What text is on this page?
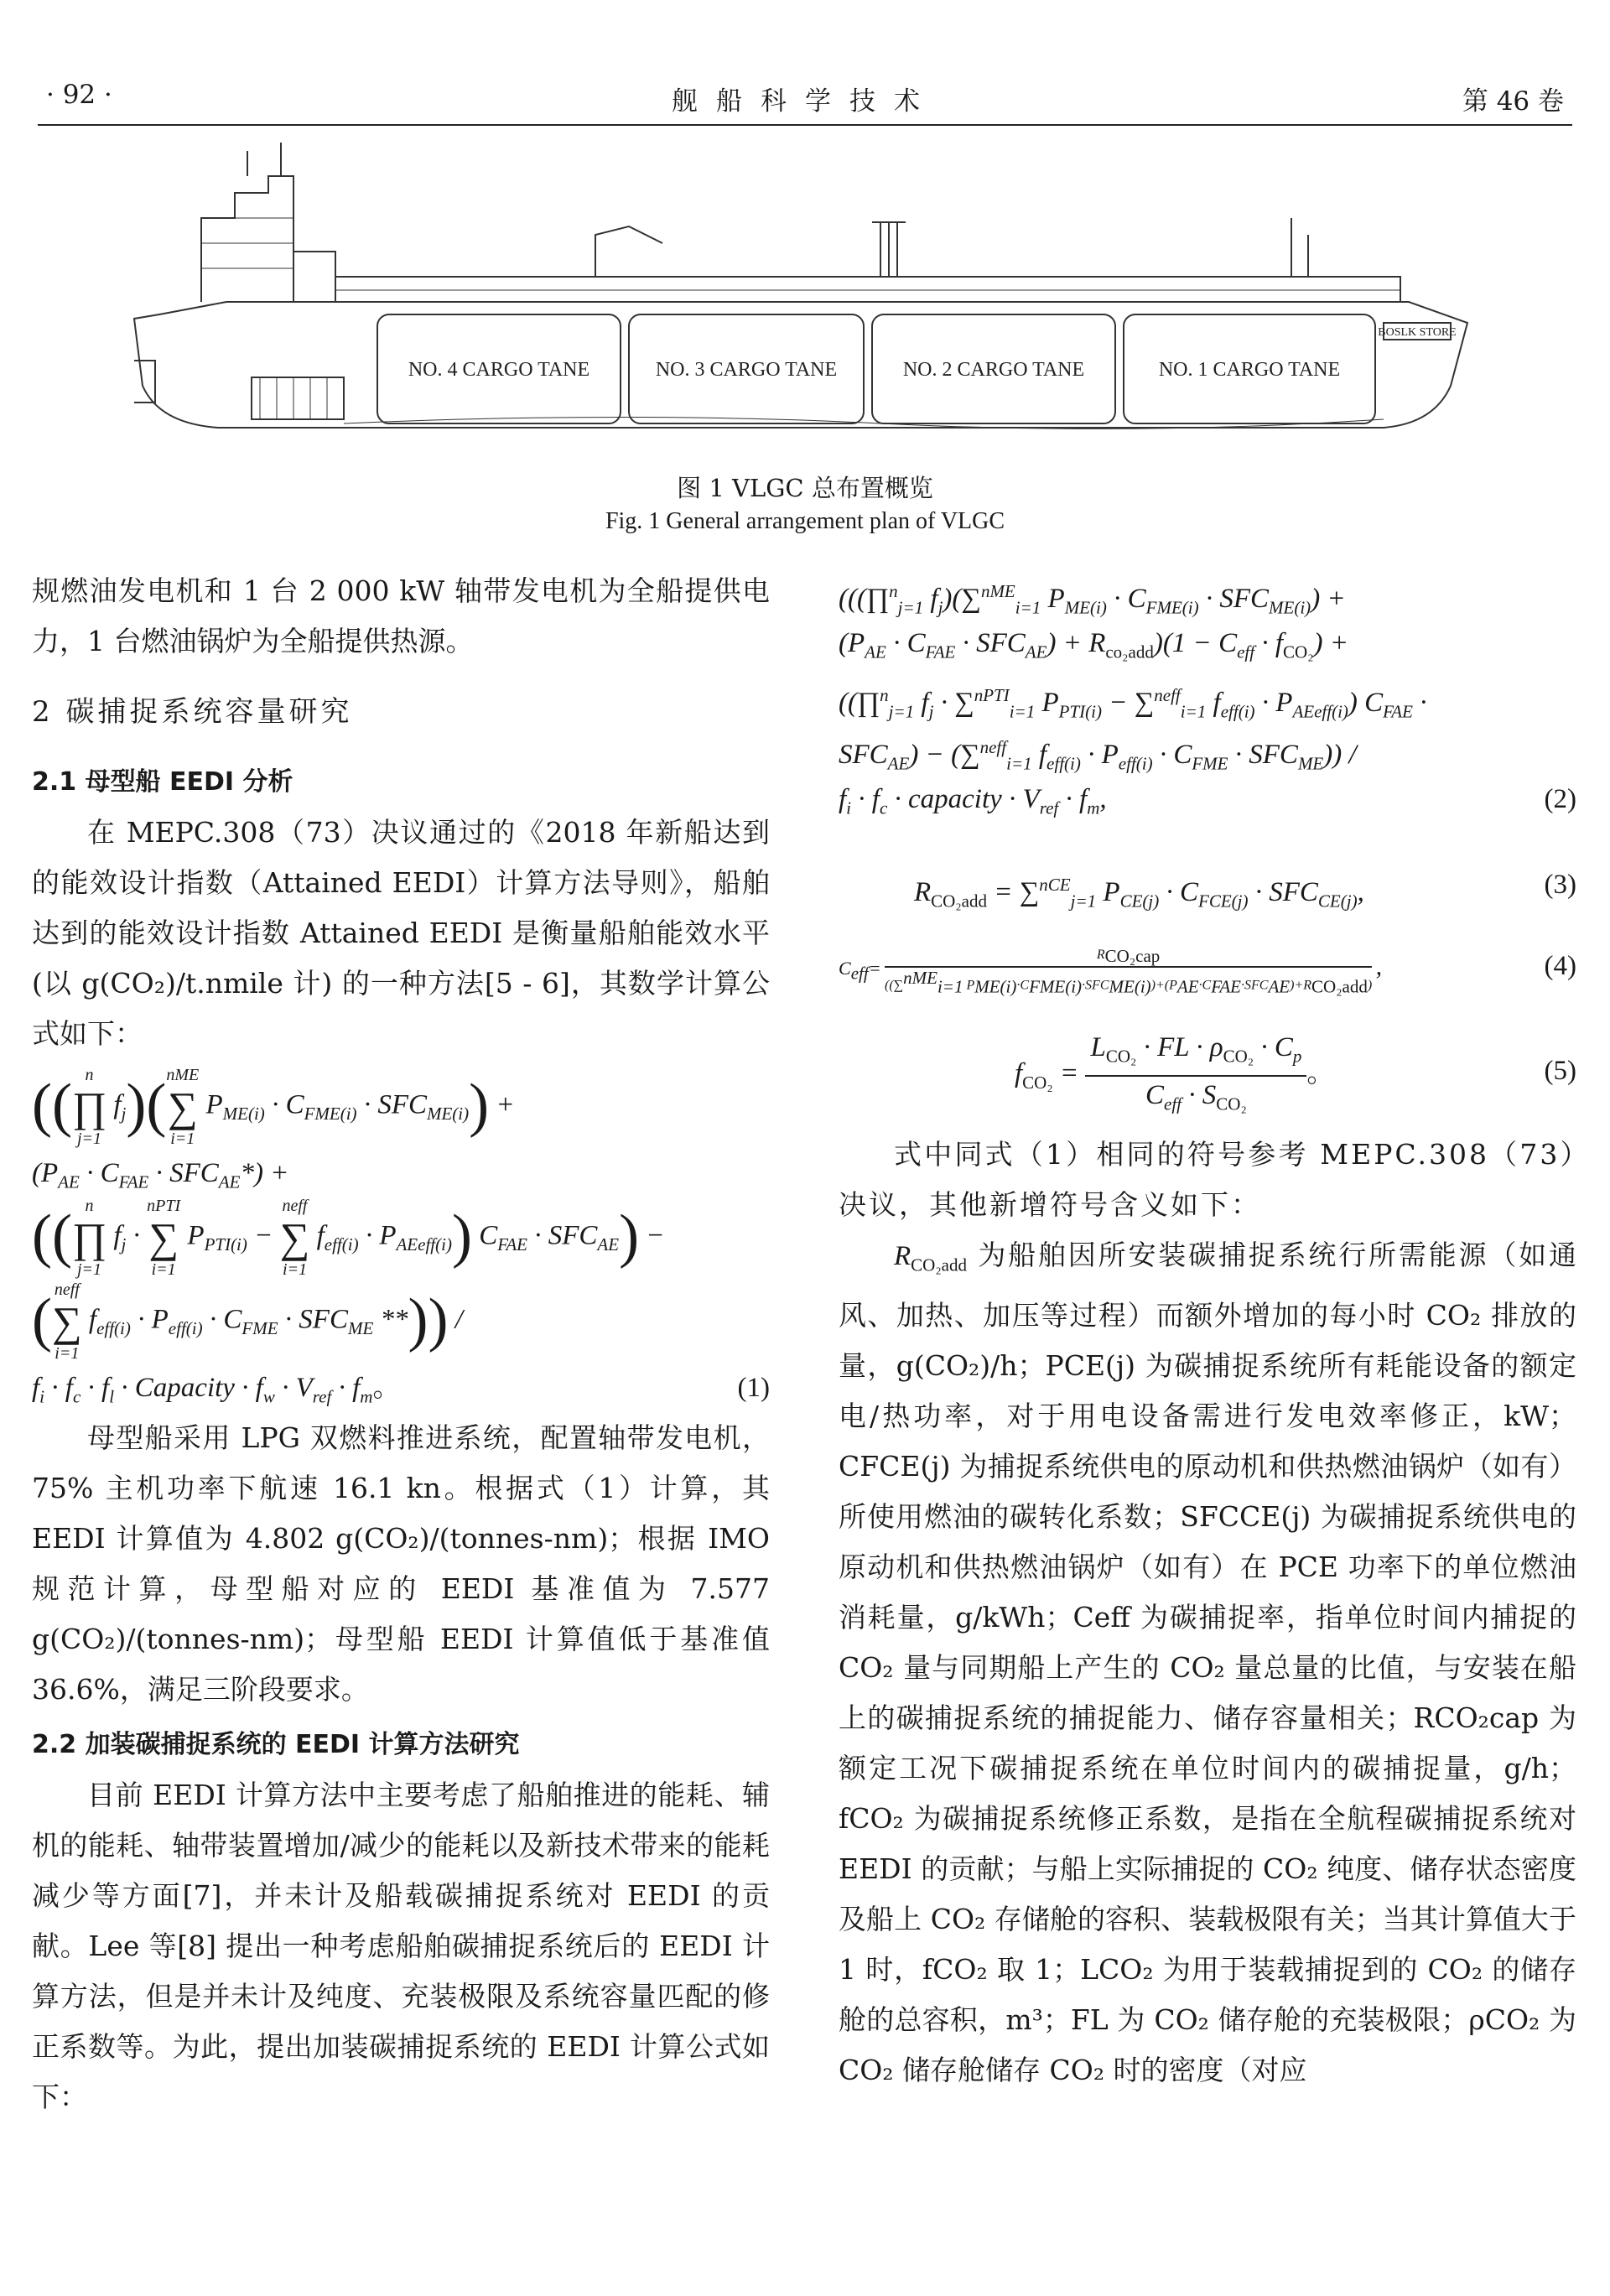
· 92 ·	舰船科学技术	第 46 卷
NO. 4 CARGO TANE	NO. 3 CARGO TANE	NO. 2 CARGO TANE	NO. 1 CARGO TANE
BOSLK STORE
图 1 VLGC 总布置概览
Fig. 1 General arrangement plan of VLGC
规燃油发电机和 1 台 2 000 kW 轴带发电机为全船提供电力，1 台燃油锅炉为全船提供热源。
2 碳捕捉系统容量研究
2.1 母型船 EEDI 分析
在 MEPC.308（73）决议通过的《2018 年新船达到的能效设计指数（Attained EEDI）计算方法导则》，船舶达到的能效设计指数 Attained EEDI 是衡量船舶能效水平 (以 g(CO₂)/t.nmile 计) 的一种方法[5 - 6]，其数学计算公式如下：
(( n
∏
j=1
$f_j$)( nME
∑
i=1
$P_{ME(i)} \cdot C_{FME(i)} \cdot SFC_{ME(i)}$) +
$(P_{AE} \cdot C_{FAE} \cdot SFC_{AE}*)$ +
(( n
∏
j=1
$f_j$ ·
nPTI
∑
i=1
$P_{PTI(i)}$ −
neff
∑
i=1
$f_{eff(i)} \cdot P_{AEeff(i)}$) $C_{FAE} \cdot SFC_{AE}$) −
( neff
∑
i=1
$f_{eff(i)} \cdot P_{eff(i)} \cdot C_{FME} \cdot SFC_{ME}$ **)) /
$f_i \cdot f_c \cdot f_l$ · Capacity · $f_w \cdot V_{ref} \cdot f_m$。	(1)
母型船采用 LPG 双燃料推进系统，配置轴带发电机，75% 主机功率下航速 16.1 kn。根据式（1）计算，其 EEDI 计算值为 4.802 g(CO₂)/(tonnes-nm)；根据 IMO 规范计算，母型船对应的 EEDI 基准值为 7.577 g(CO₂)/(tonnes-nm)；母型船 EEDI 计算值低于基准值 36.6%，满足三阶段要求。
2.2 加装碳捕捉系统的 EEDI 计算方法研究
目前 EEDI 计算方法中主要考虑了船舶推进的能耗、辅机的能耗、轴带装置增加/减少的能耗以及新技术带来的能耗减少等方面[7]，并未计及船载碳捕捉系统对 EEDI 的贡献。Lee 等[8] 提出一种考虑船舶碳捕捉系统后的 EEDI 计算方法，但是并未计及纯度、充装极限及系统容量匹配的修正系数等。为此，提出加装碳捕捉系统的 EEDI 计算公式如下：
(((∏$^n_{j=1}$ $f_j)(\sum^{nME}_{i=1}$ $P_{ME(i)} \cdot C_{FME(i)} \cdot SFC_{ME(i)}$) +
$(P_{AE} \cdot C_{FAE} \cdot SFC_{AE}) + R_{co_2add})(1 - C_{eff} \cdot f_{CO_2})$ +
((∏$^n_{j=1}$ $f_j \cdot \sum^{nPTI}_{i=1}$ $P_{PTI(i)} - \sum^{neff}_{i=1}$ $f_{eff(i)} \cdot P_{AEeff(i)}$) $C_{FAE}$ ·
$SFC_{AE}) - (\sum^{neff}_{i=1}$ $f_{eff(i)} \cdot P_{eff(i)} \cdot C_{FME} \cdot SFC_{ME}$)) /
$f_i \cdot f_c$ · capacity · $V_{ref} \cdot f_m$,	(2)
$R_{CO_2add} = \sum^{nCE}_{j=1}$ $P_{CE(j)} \cdot C_{FCE(j)} \cdot SFC_{CE(j)}$,	(3)
$C_{eff}= \frac{R_{CO_2cap}}{((\sum^{nME}_{i=1} P_{ME(i)}\cdot C_{FME(i)}\cdot SFC_{ME(i)})+(P_{AE}\cdot C_{FAE}\cdot SFC_{AE})+R_{CO_2add})}$ ,	(4)
$f_{CO_2} = \frac{L_{CO_2} \cdot FL \cdot \rho_{CO_2} \cdot C_p}{C_{eff} \cdot S_{CO_2}}$ 。	(5)
式中同式（1）相同的符号参考 MEPC.308（73）决议，其他新增符号含义如下：
$R_{CO_2add}$ 为船舶因所安装碳捕捉系统行所需能源（如通风、加热、加压等过程）而额外增加的每小时 CO₂ 排放的量，g(CO₂)/h；PCE(j) 为碳捕捉系统所有耗能设备的额定电/热功率，对于用电设备需进行发电效率修正，kW；CFCE(j) 为捕捉系统供电的原动机和供热燃油锅炉（如有）所使用燃油的碳转化系数；SFCCE(j) 为碳捕捉系统供电的原动机和供热燃油锅炉（如有）在 PCE 功率下的单位燃油消耗量，g/kWh；Ceff 为碳捕捉率，指单位时间内捕捉的 CO₂ 量与同期船上产生的 CO₂ 量总量的比值，与安装在船上的碳捕捉系统的捕捉能力、储存容量相关；RCO₂cap 为额定工况下碳捕捉系统在单位时间内的碳捕捉量，g/h；fCO₂ 为碳捕捉系统修正系数，是指在全航程碳捕捉系统对 EEDI 的贡献；与船上实际捕捉的 CO₂ 纯度、储存状态密度及船上 CO₂ 存储舱的容积、装载极限有关；当其计算值大于 1 时，fCO₂ 取 1；LCO₂ 为用于装载捕捉到的 CO₂ 的储存舱的总容积，m³；FL 为 CO₂ 储存舱的充装极限；ρCO₂ 为 CO₂ 储存舱储存 CO₂ 时的密度（对应
